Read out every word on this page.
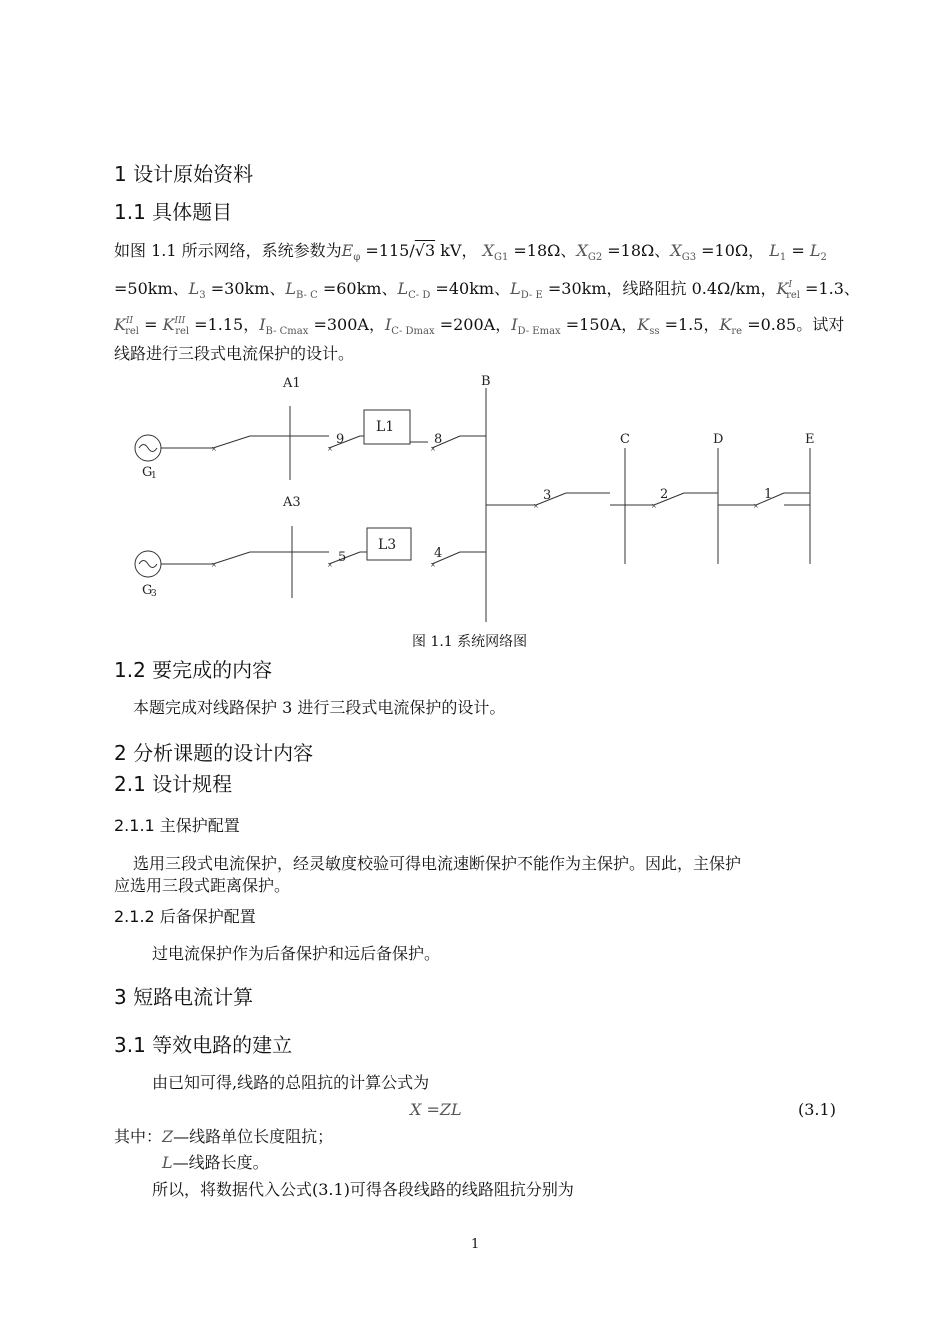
1 设计原始资料
1.1 具体题目
如图 1.1 所示网络，系统参数为$E_\varphi =115/√3$ kV， $X_{G1} =18\Omega$、$X_{G2} =18\Omega$、$X_{G3} =10\Omega$， $L_1 = L_2$
=50km、$L_3 =30km$、$L_{B- C} =60km$、$L_{C- D} =40km$、$L_{D- E} =30km$，线路阻抗 0.4Ω/km，$K^I_{rel} =1.3$、
$K^{II}_{rel} = K^{III}_{rel} =1.15$，$I_{B- Cmax} =300A$，$I_{C- Dmax} =200A$，$I_{D- Emax} =150A$，$K_{ss} =1.5$，$K_{re} =0.85$。试对
线路进行三段式电流保护的设计。
×	×	×
×	×	×
×	×	×
A1
A3
B
C	D	E
L1
L3
G
1
G
3
9	8
5	4
3	2	1
图 1.1 系统网络图
1.2 要完成的内容
本题完成对线路保护 3 进行三段式电流保护的设计。
2 分析课题的设计内容
2.1 设计规程
2.1.1 主保护配置
选用三段式电流保护，经灵敏度校验可得电流速断保护不能作为主保护。因此，主保护
应选用三段式距离保护。
2.1.2 后备保护配置
过电流保护作为后备保护和远后备保护。
3 短路电流计算
3.1 等效电路的建立
由已知可得,线路的总阻抗的计算公式为
X =ZL	(3.1)
其中：Z—线路单位长度阻抗；
L—线路长度。
所以，将数据代入公式(3.1)可得各段线路的线路阻抗分别为
1
